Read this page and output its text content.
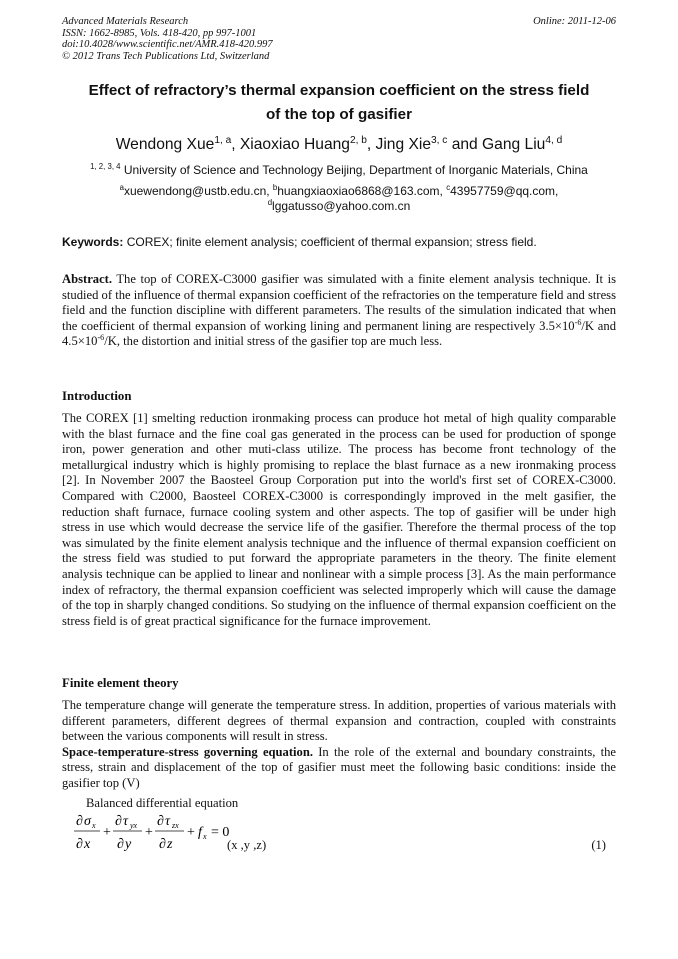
Advanced Materials Research
ISSN: 1662-8985, Vols. 418-420, pp 997-1001
doi:10.4028/www.scientific.net/AMR.418-420.997
© 2012 Trans Tech Publications Ltd, Switzerland
Online: 2011-12-06
Effect of refractory’s thermal expansion coefficient on the stress field
of the top of gasifier
Wendong Xue$^{1, a}$, Xiaoxiao Huang$^{2, b}$, Jing Xie$^{3, c}$ and Gang Liu$^{4, d}$
$^{1, 2, 3, 4}$ University of Science and Technology Beijing, Department of Inorganic Materials, China
$^a$xuewendong@ustb.edu.cn, $^b$huangxiaoxiao6868@163.com, $^c$43957759@qq.com,
$^d$lggatusso@yahoo.com.cn
Keywords: COREX; finite element analysis; coefficient of thermal expansion; stress field.
Abstract. The top of COREX-C3000 gasifier was simulated with a finite element analysis technique. It is studied of the influence of thermal expansion coefficient of the refractories on the temperature field and stress field and the function discipline with different parameters. The results of the simulation indicated that when the coefficient of thermal expansion of working lining and permanent lining are respectively $3.5\times 10^{-6}/K$ and $4.5\times 10^{-6}/K$, the distortion and initial stress of the gasifier top are much less.
Introduction
The COREX [1] smelting reduction ironmaking process can produce hot metal of high quality comparable with the blast furnace and the fine coal gas generated in the process can be used for production of sponge iron, power generation and other muti-class utilize. The process has become front technology of the metallurgical industry which is highly promising to replace the blast furnace as a new ironmaking process [2]. In November 2007 the Baosteel Group Corporation put into the world's first set of COREX-C3000. Compared with C2000, Baosteel COREX-C3000 is correspondingly improved in the melt gasifier, the reduction shaft furnace, furnace cooling system and other aspects. The top of gasifier will be under high stress in use which would decrease the service life of the gasifier. Therefore the thermal process of the top was simulated by the finite element analysis technique and the influence of thermal expansion coefficient on the stress field was studied to put forward the appropriate parameters in the theory. The finite element analysis technique can be applied to linear and nonlinear with a simple process [3]. As the main performance index of refractory, the thermal expansion coefficient was selected improperly which will cause the damage of the top in sharply changed conditions. So studying on the influence of thermal expansion coefficient on the stress field is of great practical significance for the furnace improvement.
Finite element theory
The temperature change will generate the temperature stress. In addition, properties of various materials with different parameters, different degrees of thermal expansion and contraction, coupled with constraints between the various components will result in stress.
Space-temperature-stress governing equation. In the role of the external and boundary constraints, the stress, strain and displacement of the top of gasifier must meet the following basic conditions: inside the gasifier top (V)
Balanced differential equation
∂ σ x
∂ x
+
∂ τ yx
∂ y
+
∂ τ zx
∂ z
+ f x = 0
(x ,y ,z)	(1)
